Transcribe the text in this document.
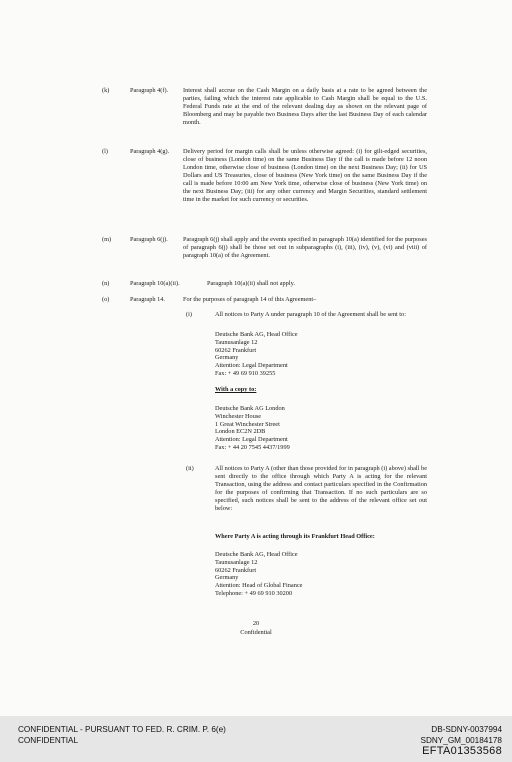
(k)	Paragraph 4(f). Interest shall accrue on the Cash Margin on a daily basis at a rate to be agreed between the parties, failing which the interest rate applicable to Cash Margin shall be equal to the U.S. Federal Funds rate at the end of the relevant dealing day as shown on the relevant page of Bloomberg and may be payable two Business Days after the last Business Day of each calendar month.
(l)	Paragraph 4(g). Delivery period for margin calls shall be unless otherwise agreed: (i) for gilt-edged securities, close of business (London time) on the same Business Day if the call is made before 12 noon London time, otherwise close of business (London time) on the next Business Day; (ii) for US Dollars and US Treasuries, close of business (New York time) on the same Business Day if the call is made before 10:00 am New York time, otherwise close of business (New York time) on the next Business Day; (iii) for any other currency and Margin Securities, standard settlement time in the market for such currency or securities.
(m)	Paragraph 6(j). Paragraph 6(j) shall apply and the events specified in paragraph 10(a) identified for the purposes of paragraph 6(j) shall be those set out in subparagraphs (i), (iii), (iv), (v), (vi) and (viii) of paragraph 10(a) of the Agreement.
(n)	Paragraph 10(a)(ii).	Paragraph 10(a)(ii) shall not apply.
(o)	Paragraph 14.	For the purposes of paragraph 14 of this Agreement–
(i)	All notices to Party A under paragraph 10 of the Agreement shall be sent to:
Deutsche Bank AG, Head Office
Taunusanlage 12
60262 Frankfurt
Germany
Attention: Legal Department
Fax: + 49 69 910 39255
With a copy to:
Deutsche Bank AG London
Winchester House
1 Great Winchester Street
London EC2N 2DB
Attention: Legal Department
Fax: + 44 20 7545 4437/1999
(ii)	All notices to Party A (other than those provided for in paragraph (i) above) shall be sent directly to the office through which Party A is acting for the relevant Transaction, using the address and contact particulars specified in the Confirmation for the purposes of confirming that Transaction. If no such particulars are so specified, such notices shall be sent to the address of the relevant office set out below:
Where Party A is acting through its Frankfurt Head Office:
Deutsche Bank AG, Head Office
Taunusanlage 12
60262 Frankfurt
Germany
Attention: Head of Global Finance
Telephone: + 49 69 910 30200
20
Confidential
CONFIDENTIAL - PURSUANT TO FED. R. CRIM. P. 6(e)
CONFIDENTIAL
DB-SDNY-0037994
SDNY_GM_00184178
EFTA01353568
